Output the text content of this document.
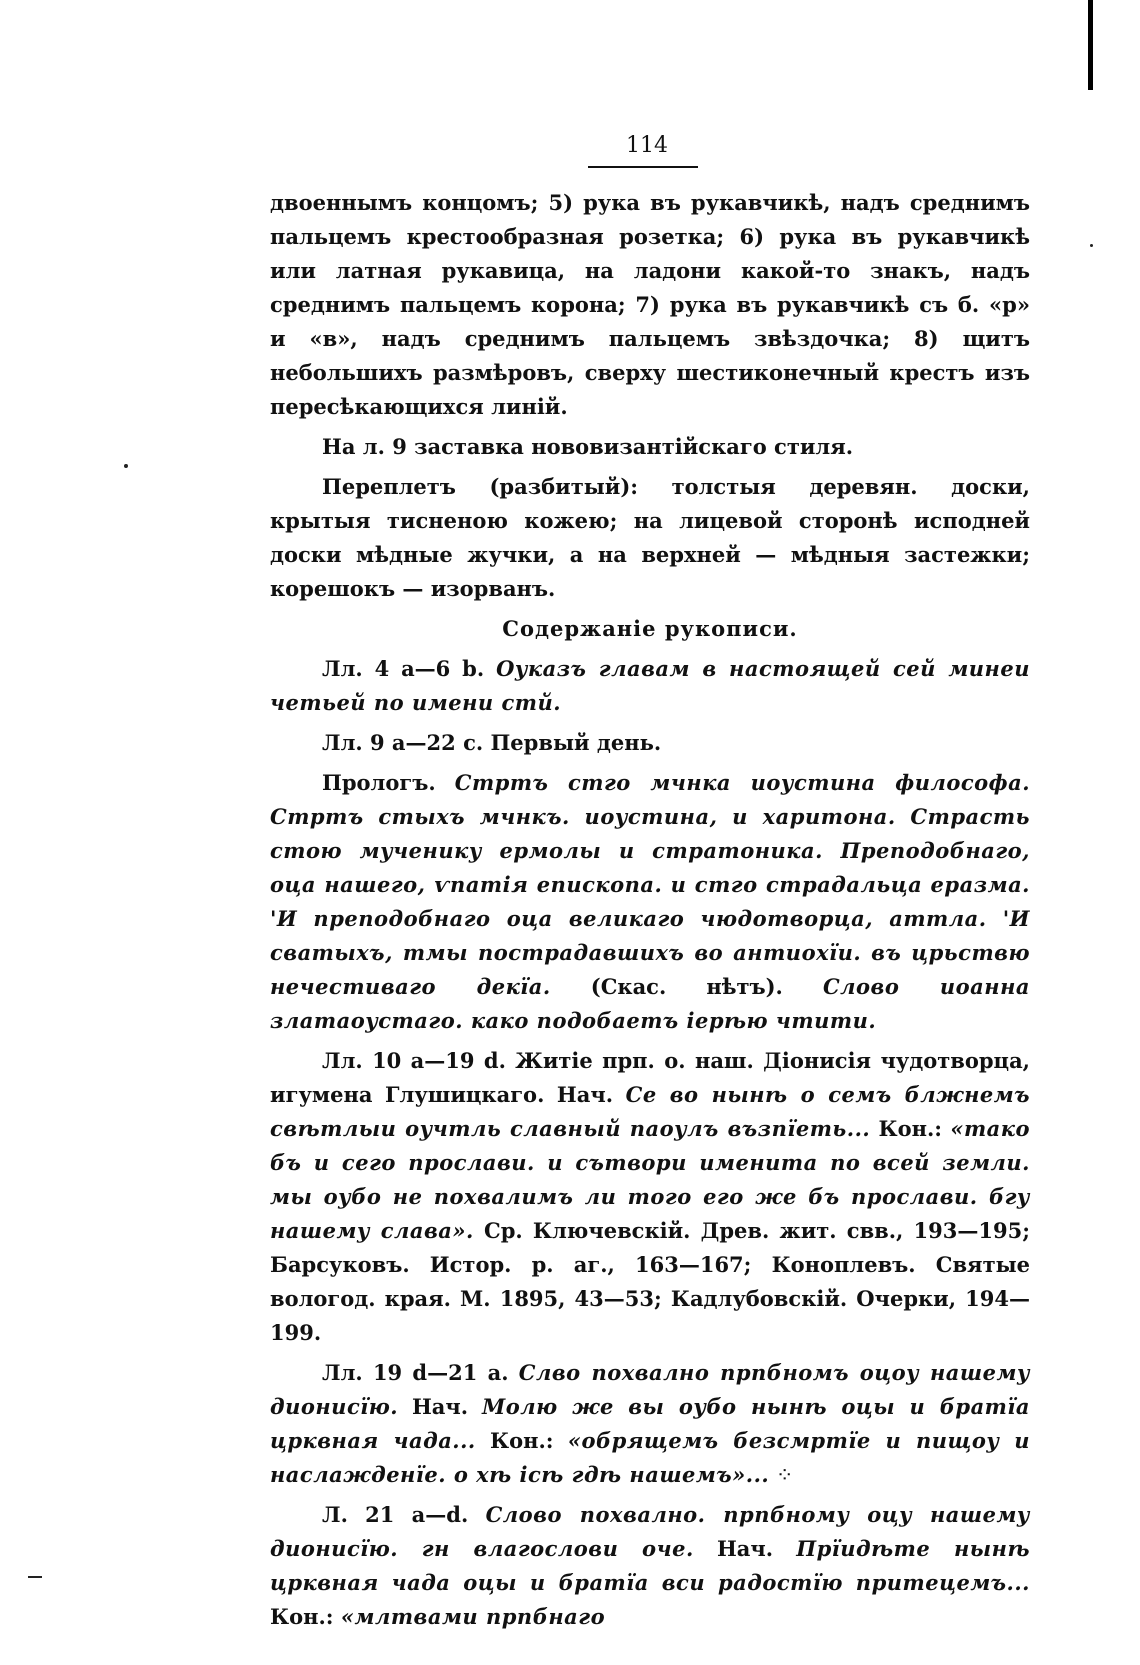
114

двоеннымъ концомъ; 5) рука въ рукавчикѣ, надъ среднимъ пальцемъ крестообразная розетка; 6) рука въ рукавчикѣ или латная рукавица, на ладони какой-то знакъ, надъ среднимъ пальцемъ корона; 7) рука въ рукавчикѣ съ б. «р» и «в», надъ среднимъ пальцемъ звѣздочка; 8) щитъ небольшихъ размѣровъ, сверху шестиконечный крестъ изъ пересѣкающихся линій.

На л. 9 заставка нововизантійскаго стиля.

Переплетъ (разбитый): толстыя деревян. доски, крытыя тисненою кожею; на лицевой сторонѣ исподней доски мѣдные жучки, а на верхней — мѣдныя застежки; корешокъ — изорванъ.

Содержаніе рукописи.

Лл. 4 а—6 b. Оуказъ главам в настоящей сей минеи четьей по имени стй.

Лл. 9 а—22 с. Первый день.

Прологъ. Стртъ стго мчнка иоустина философа. Стртъ стыхъ мчнкъ. иоустина, и харитона. Страсть стою мученику ермолы и стратоника. Преподобнаго, оца нашего, ѵпатія епископа. и стго страдальца еразма. 'И преподобнаго оца великаго чюдотворца, аттла. 'И сватыхъ, тмы пострадавшихъ во антиохїи. въ црьствю нечестиваго декїа. (Скас. нѣтъ). Слово иоанна златаоустаго. како подобаетъ іерѣю чтити.

Лл. 10 а—19 d. Житіе прп. о. наш. Діонисія чудотворца, игумена Глушицкаго. Нач. Се во нынѣ о семъ блжнемъ свѣтлыи оучтль славный паоулъ възпїеть... Кон.: «тако бъ и сего прослави. и сътвори именита по всей земли. мы оубо не похвалимъ ли того его же бъ прослави. бгу нашему слава». Ср. Ключевскій. Древ. жит. свв., 193—195; Барсуковъ. Истор. р. аг., 163—167; Коноплевъ. Святые вологод. края. М. 1895, 43—53; Кадлубовскій. Очерки, 194—199.

Лл. 19 d—21 а. Слво похвално прпбномъ оцоу нашему дионисїю. Нач. Молю же вы оубо нынѣ оцы и братїа црквная чада... Кон.: «обрящемъ безсмртїе и пищоу и наслажденїе. о хѣ ісѣ гдѣ нашемъ»... ⁘

Л. 21 а—d. Слово похвално. прпбному оцу нашему дионисїю. гн влагослови оче. Нач. Прїидѣте нынѣ црквная чада оцы и братїа вси радостїю притецемъ... Кон.: «млтвами прпбнаго
